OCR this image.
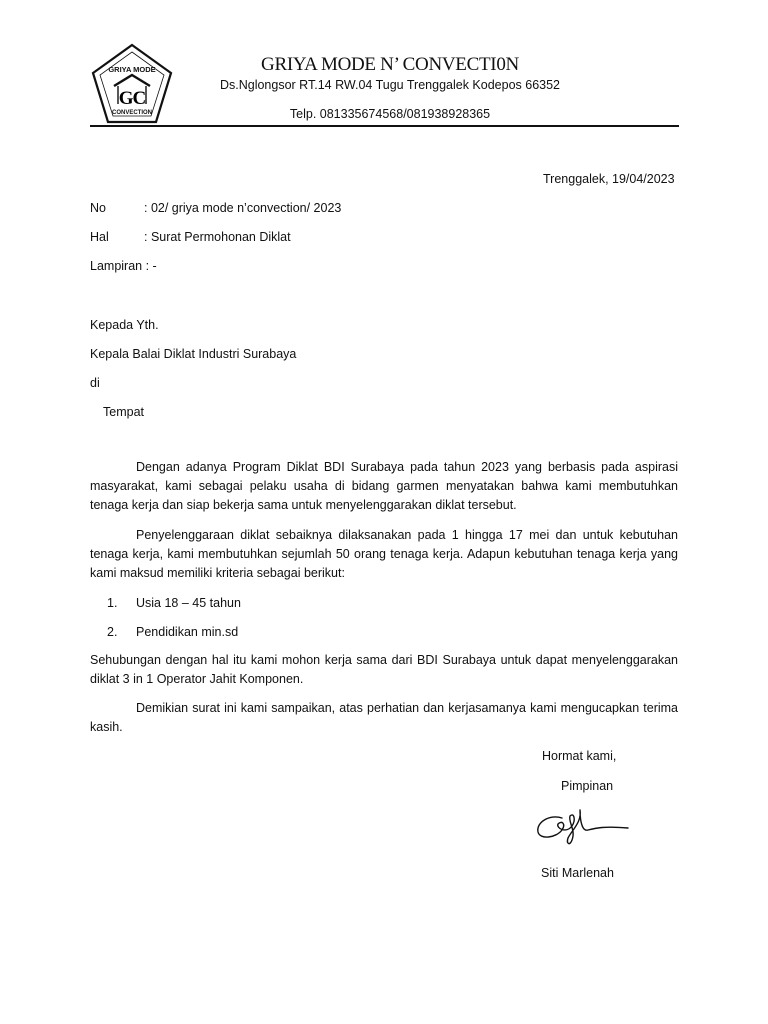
GRIYA MODE
GC
CONVECTION
GRIYA MODE N’ CONVECTI0N
Ds.Nglongsor RT.14 RW.04 Tugu Trenggalek Kodepos 66352
Telp. 081335674568/081938928365
Trenggalek, 19/04/2023
No	: 02/ griya mode n’convection/ 2023
Hal	: Surat Permohonan Diklat
Lampiran : -
Kepada Yth.
Kepala Balai Diklat Industri Surabaya
di
Tempat

Dengan adanya Program Diklat BDI Surabaya pada tahun 2023 yang berbasis pada aspirasi masyarakat, kami sebagai pelaku usaha di bidang garmen menyatakan bahwa kami membutuhkan tenaga kerja dan siap bekerja sama untuk menyelenggarakan diklat tersebut.

Penyelenggaraan diklat sebaiknya dilaksanakan pada 1 hingga 17 mei dan untuk kebutuhan tenaga kerja, kami membutuhkan sejumlah 50 orang tenaga kerja. Adapun kebutuhan tenaga kerja yang kami maksud memiliki kriteria sebagai berikut:

1. Usia 18 – 45 tahun
2. Pendidikan min.sd

Sehubungan dengan hal itu kami mohon kerja sama dari BDI Surabaya untuk dapat menyelenggarakan diklat 3 in 1 Operator Jahit Komponen.

Demikian surat ini kami sampaikan, atas perhatian dan kerjasamanya kami mengucapkan terima kasih.

Hormat kami,
Pimpinan
Siti Marlenah
